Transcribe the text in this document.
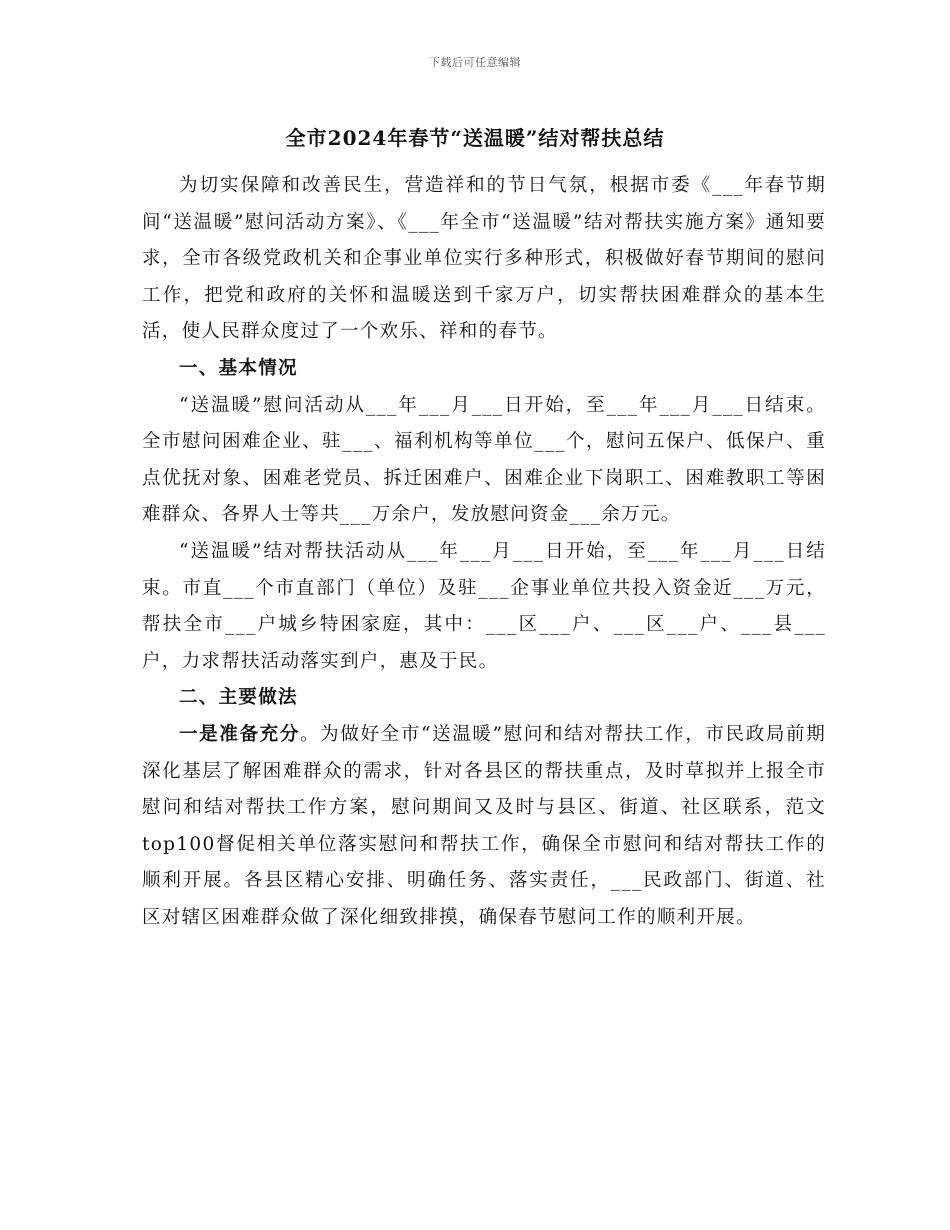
下载后可任意编辑
全市2024年春节“送温暖”结对帮扶总结

为切实保障和改善民生，营造祥和的节日气氛，根据市委《___年春节期间“送温暖”慰问活动方案》、《___年全市“送温暖”结对帮扶实施方案》通知要求，全市各级党政机关和企事业单位实行多种形式，积极做好春节期间的慰问工作，把党和政府的关怀和温暖送到千家万户，切实帮扶困难群众的基本生活，使人民群众度过了一个欢乐、祥和的春节。

一、基本情况

“送温暖”慰问活动从___年___月___日开始，至___年___月___日结束。全市慰问困难企业、驻___、福利机构等单位___个，慰问五保户、低保户、重点优抚对象、困难老党员、拆迁困难户、困难企业下岗职工、困难教职工等困难群众、各界人士等共___万余户，发放慰问资金___余万元。

“送温暖”结对帮扶活动从___年___月___日开始，至___年___月___日结束。市直___个市直部门（单位）及驻___企事业单位共投入资金近___万元，帮扶全市___户城乡特困家庭，其中：___区___户、___区___户、___县___户，力求帮扶活动落实到户，惠及于民。

二、主要做法

一是准备充分。为做好全市“送温暖”慰问和结对帮扶工作，市民政局前期深化基层了解困难群众的需求，针对各县区的帮扶重点，及时草拟并上报全市慰问和结对帮扶工作方案，慰问期间又及时与县区、街道、社区联系，范文top100督促相关单位落实慰问和帮扶工作，确保全市慰问和结对帮扶工作的顺利开展。各县区精心安排、明确任务、落实责任，___民政部门、街道、社区对辖区困难群众做了深化细致排摸，确保春节慰问工作的顺利开展。
